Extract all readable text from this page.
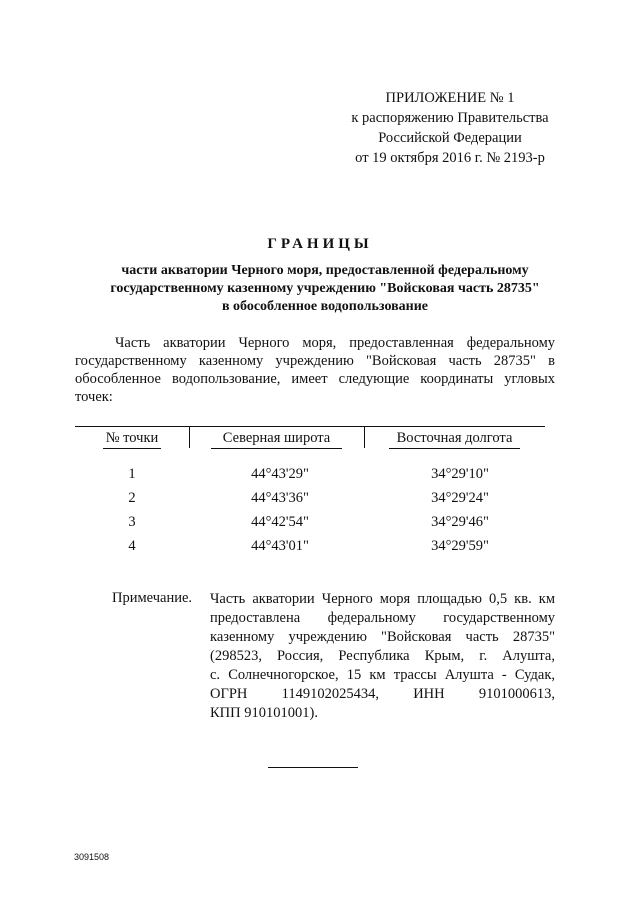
ПРИЛОЖЕНИЕ № 1
к распоряжению Правительства
Российской Федерации
от 19 октября 2016 г. № 2193-р
ГРАНИЦЫ
части акватории Черного моря, предоставленной федеральному
государственному казенному учреждению "Войсковая часть 28735"
в обособленное водопользование

Часть акватории Черного моря, предоставленная федеральному государственному казенному учреждению "Войсковая часть 28735" в обособленное водопользование, имеет следующие координаты угловых точек:

№ точки	Северная широта	Восточная долгота
1	44°43'29"	34°29'10"
2	44°43'36"	34°29'24"
3	44°42'54"	34°29'46"
4	44°43'01"	34°29'59"
Примечание. Часть акватории Черного моря площадью 0,5 кв. км
предоставлена федеральному государственному
казенному учреждению "Войсковая часть 28735"
(298523, Россия, Республика Крым, г. Алушта,
с. Солнечногорское, 15 км трассы Алушта - Судак,
ОГРН 1149102025434, ИНН 9101000613,
КПП 910101001).
3091508
